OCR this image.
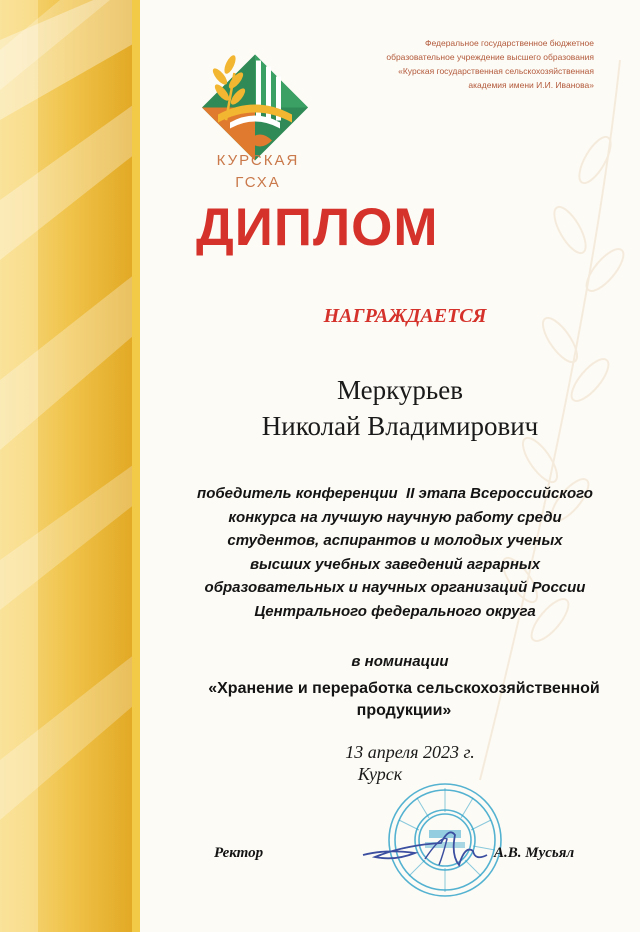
Федеральное государственное бюджетное
образовательное учреждение высшего образования
«Курская государственная сельскохозяйственная
академия имени И.И. Иванова»
КУРСКАЯ
ГСХА
ДИПЛОМ
НАГРАЖДАЕТСЯ
Меркурьев
Николай Владимирович
победитель конференции  II этапа Всероссийского
конкурса на лучшую научную работу среди
студентов, аспирантов и молодых ученых
высших учебных заведений аграрных
образовательных и научных организаций России
Центрального федерального округа
в номинации
«Хранение и переработка сельскохозяйственной
продукции»
13 апреля 2023 г.
Курск
Ректор	А.В. Мусьял
